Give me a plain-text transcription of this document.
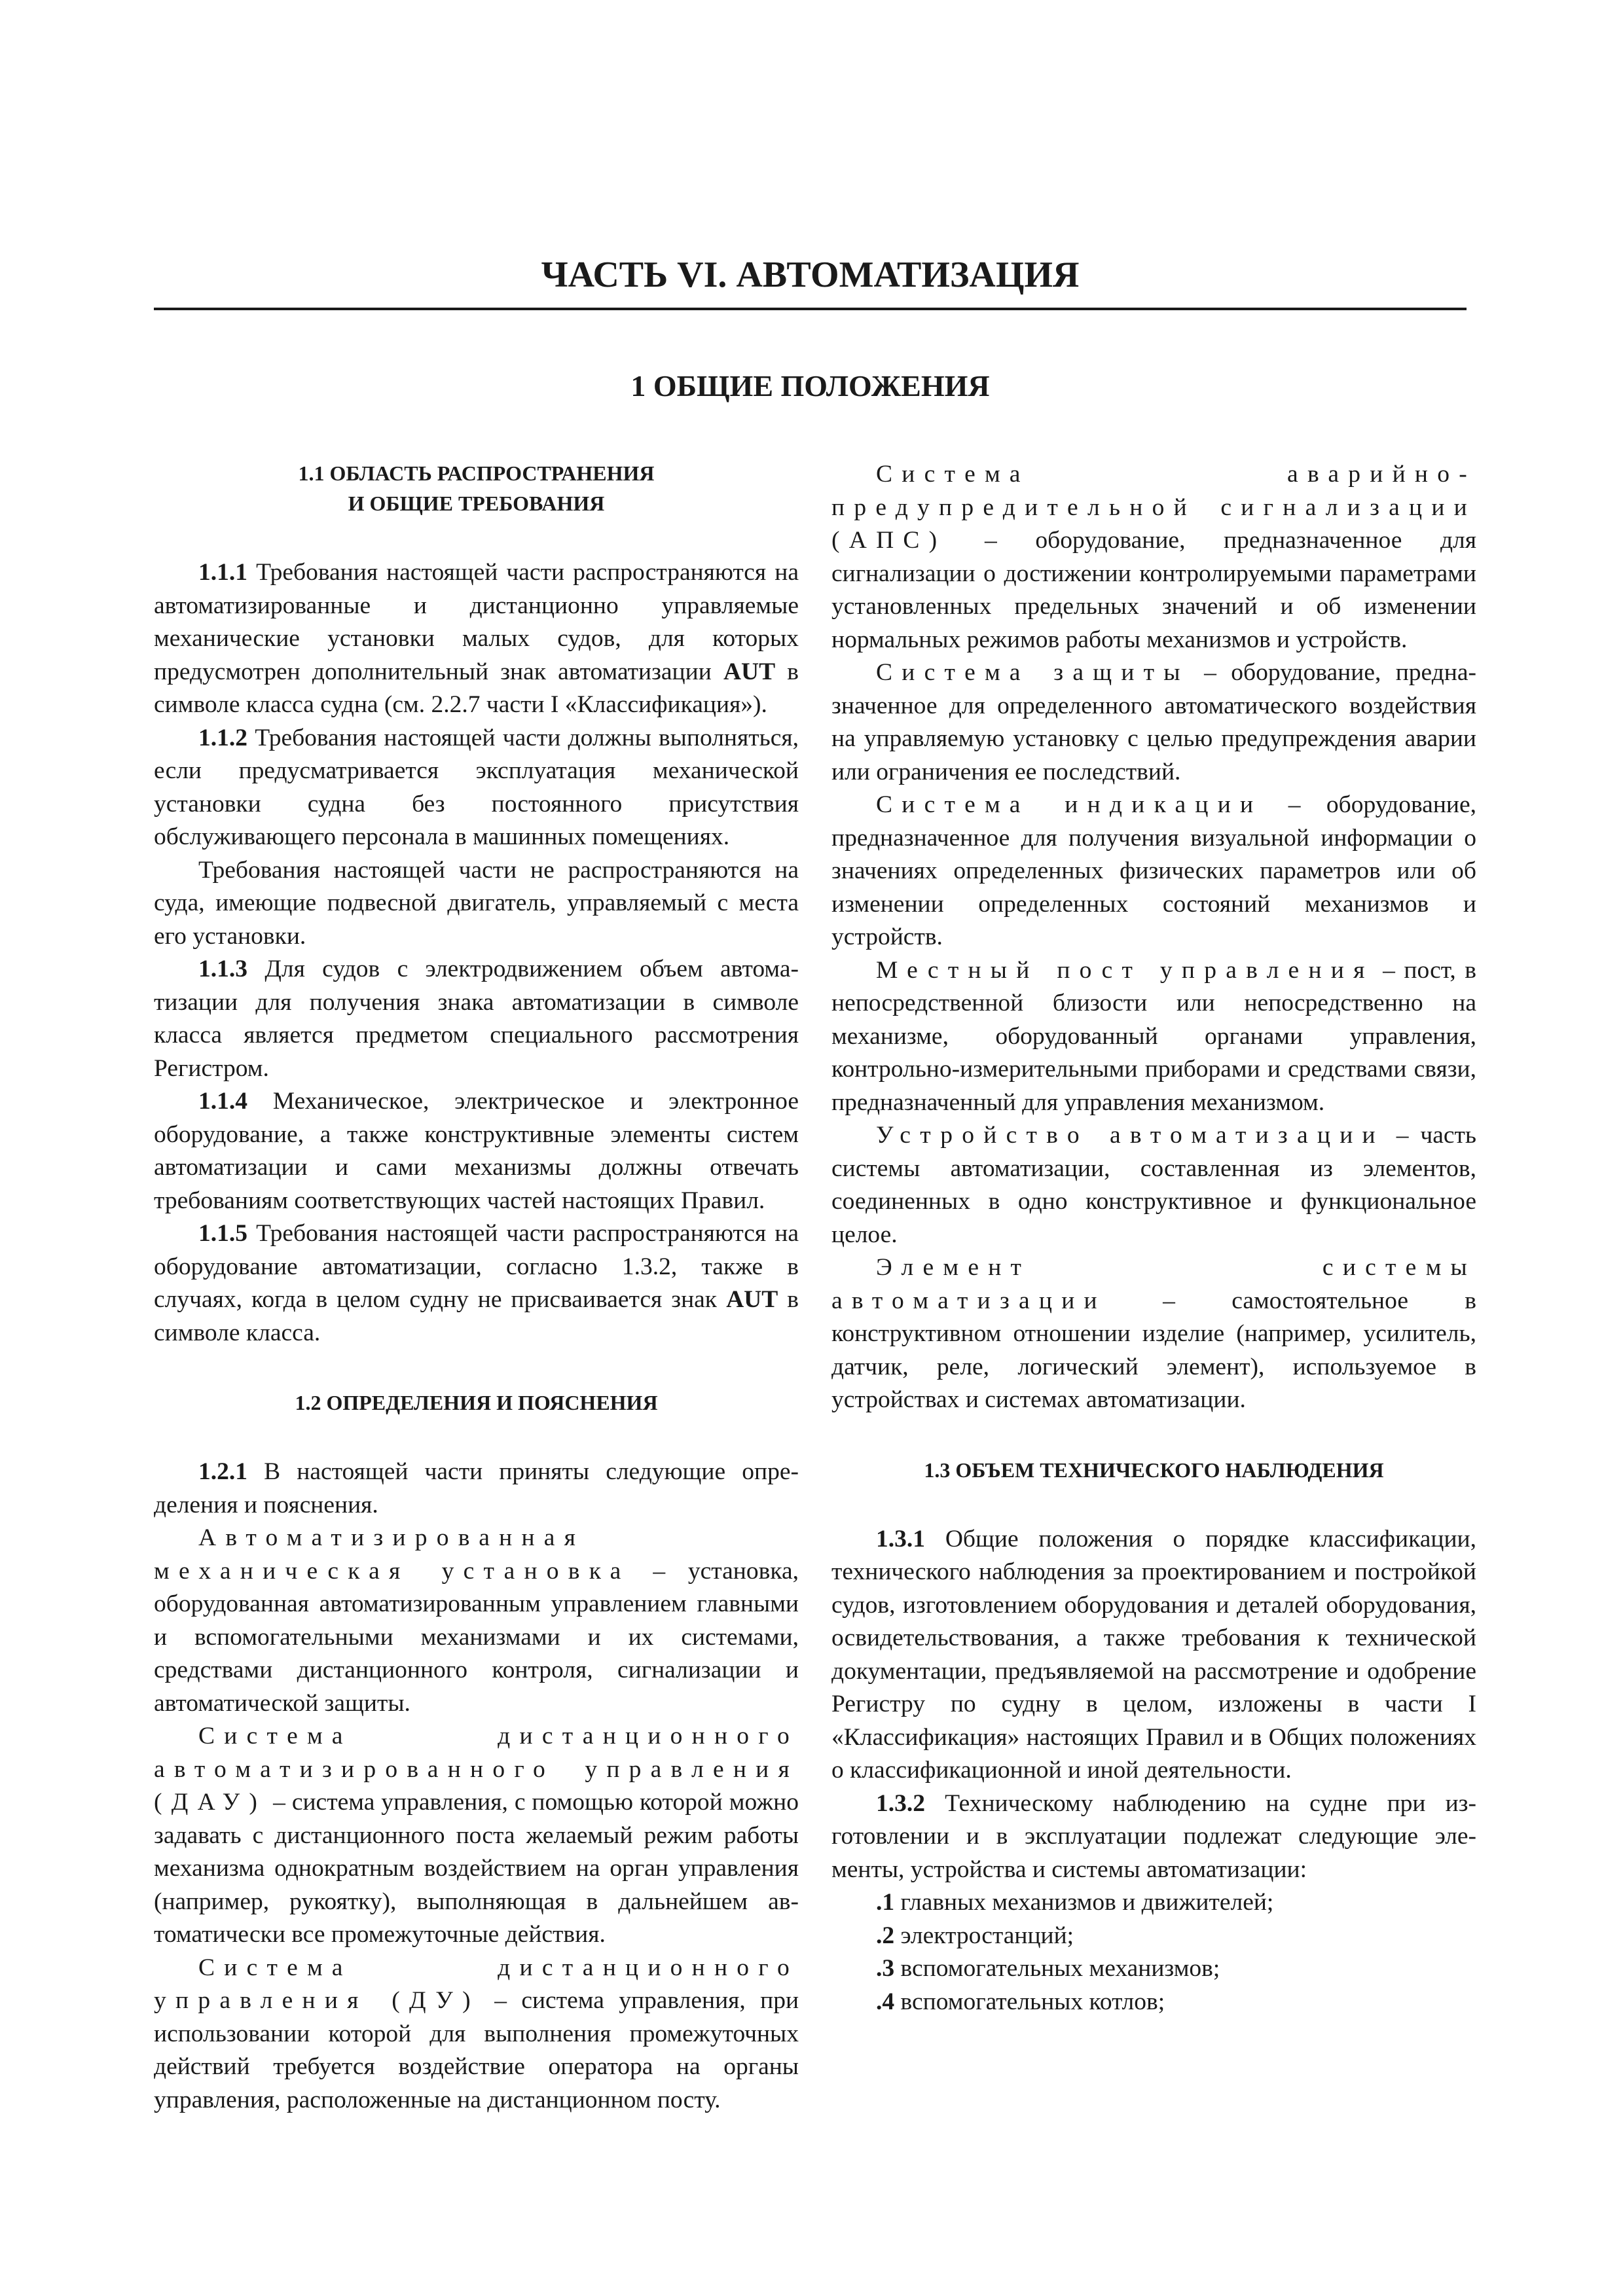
ЧАСТЬ VI. АВТОМАТИЗАЦИЯ
1 ОБЩИЕ ПОЛОЖЕНИЯ
1.1 ОБЛАСТЬ РАСПРОСТРАНЕНИЯ
И ОБЩИЕ ТРЕБОВАНИЯ

1.1.1 Требования настоящей части распространяются на автоматизированные и дистанционно управляемые механические установки малых судов, для которых предусмотрен дополнительный знак автоматизации AUT в символе класса судна (см. 2.2.7 части I «Классификация»).

1.1.2 Требования настоящей части должны выполняться, если предусматривается эксплуатация механической установки судна без постоянного присутствия обслуживающего персонала в машинных помещениях.

Требования настоящей части не распространяются на суда, имеющие подвесной двигатель, управляемый с места его установки.

1.1.3 Для судов с электродвижением объем автоматизации для получения знака автоматизации в символе класса является предметом специального рассмотрения Регистром.

1.1.4 Механическое, электрическое и электронное оборудование, а также конструктивные элементы систем автоматизации и сами механизмы должны отвечать требованиям соответствующих частей настоящих Правил.

1.1.5 Требования настоящей части распространяются на оборудование автоматизации, согласно 1.3.2, также в случаях, когда в целом судну не присваивается знак AUT в символе класса.

1.2 ОПРЕДЕЛЕНИЯ И ПОЯСНЕНИЯ

1.2.1 В настоящей части приняты следующие определения и пояснения.

Автоматизированная механическая установка – установка, оборудованная автоматизированным управлением главными и вспомогательными механизмами и их системами, средствами дистанционного контроля, сигнализации и автоматической защиты.

Система дистанционного автоматизированного управления (ДАУ) – система управления, с помощью которой можно задавать с дистанционного поста желаемый режим работы механизма однократным воздействием на орган управления (например, рукоятку), выполняющая в дальнейшем автоматически все промежуточные действия.

Система дистанционного управления (ДУ) – система управления, при использовании которой для выполнения промежуточных действий требуется воздействие оператора на органы управления, расположенные на дистанционном посту.

Система аварийно-предупредительной сигнализации (АПС) – оборудование, предназначенное для сигнализации о достижении контролируемыми параметрами установленных предельных значений и об изменении нормальных режимов работы механизмов и устройств.

Система защиты – оборудование, предназначенное для определенного автоматического воздействия на управляемую установку с целью предупреждения аварии или ограничения ее последствий.

Система индикации – оборудование, предназначенное для получения визуальной информации о значениях определенных физических параметров или об изменении определенных состояний механизмов и устройств.

Местный пост управления – пост, в непосредственной близости или непосредственно на механизме, оборудованный органами управления, контрольно-измерительными приборами и средствами связи, предназначенный для управления механизмом.

Устройство автоматизации – часть системы автоматизации, составленная из элементов, соединенных в одно конструктивное и функциональное целое.

Элемент системы автоматизации – самостоятельное в конструктивном отношении изделие (например, усилитель, датчик, реле, логический элемент), используемое в устройствах и системах автоматизации.

1.3 ОБЪЕМ ТЕХНИЧЕСКОГО НАБЛЮДЕНИЯ

1.3.1 Общие положения о порядке классификации, технического наблюдения за проектированием и постройкой судов, изготовлением оборудования и деталей оборудования, освидетельствования, а также требования к технической документации, предъявляемой на рассмотрение и одобрение Регистру по судну в целом, изложены в части I «Классификация» настоящих Правил и в Общих положениях о классификационной и иной деятельности.

1.3.2 Техническому наблюдению на судне при изготовлении и в эксплуатации подлежат следующие элементы, устройства и системы автоматизации:

.1 главных механизмов и движителей;

.2 электростанций;

.3 вспомогательных механизмов;

.4 вспомогательных котлов;
